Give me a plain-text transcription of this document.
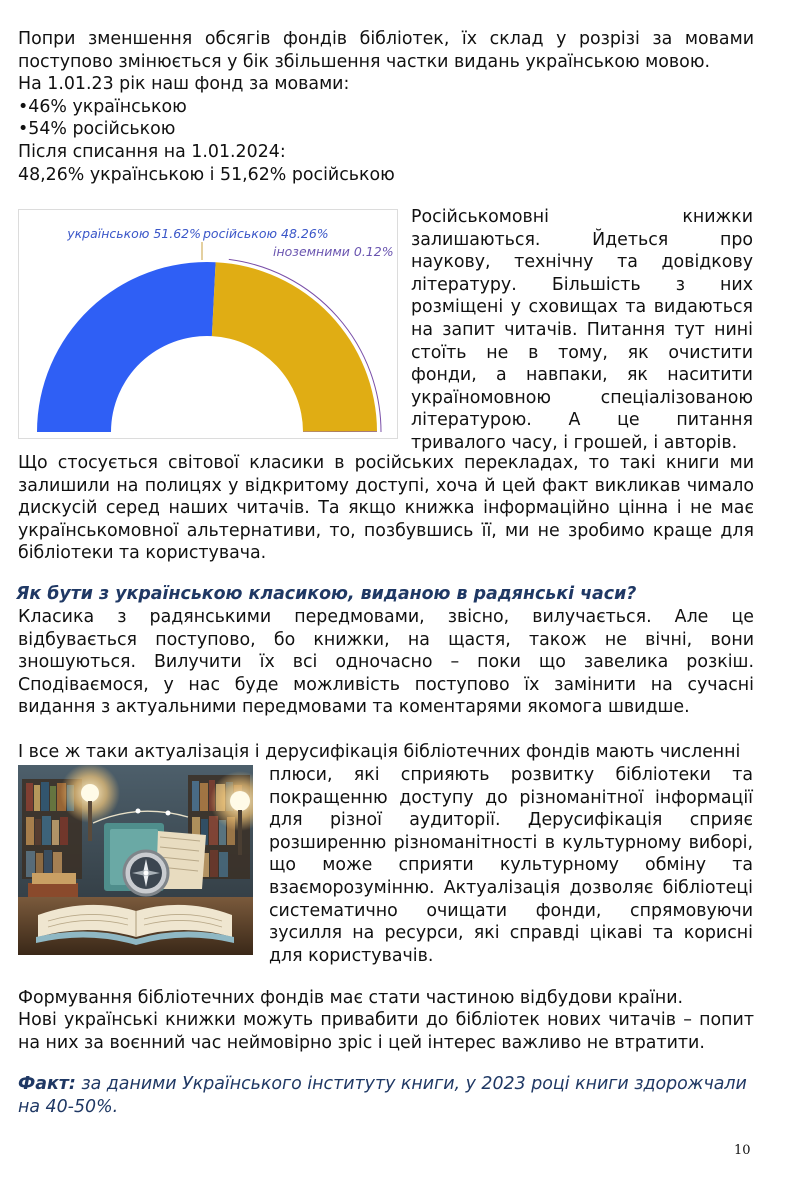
Попри зменшення обсягів фондів бібліотек, їх склад у розрізі за мовами
поступово змінюється у бік збільшення частки видань українською мовою.
На 1.01.23 рік наш фонд за мовами:
•46% українською
•54% російською
Після списання на 1.01.2024:
48,26% українською і 51,62% російською
українською 51.62% російською 48.26%
іноземними 0.12%
Російськомовні книжки
залишаються. Йдеться про
наукову, технічну та довідкову
літературу. Більшість з них
розміщені у сховищах та видаються
на запит читачів. Питання тут нині
стоїть не в тому, як очистити
фонди, а навпаки, як наситити
україномовною спеціалізованою
літературою. А це питання
тривалого часу, і грошей, і авторів.
Що стосується світової класики в російських перекладах, то такі книги ми залишили на полицях у відкритому доступі, хоча й цей факт викликав чимало дискусій серед наших читачів. Та якщо книжка інформаційно цінна і не має українськомовної альтернативи, то, позбувшись її, ми не зробимо краще для бібліотеки та користувача.
Як бути з українською класикою, виданою в радянські часи?
Класика з радянськими передмовами, звісно, вилучається. Але це відбувається поступово, бо книжки, на щастя, також не вічні, вони зношуються. Вилучити їх всі одночасно – поки що завелика розкіш. Сподіваємося, у нас буде можливість поступово їх замінити на сучасні видання з актуальними передмовами та коментарями якомога швидше.
І все ж таки актуалізація і дерусифікація бібліотечних фондів мають численні
плюси, які сприяють розвитку бібліотеки та покращенню доступу до різноманітної інформації для різної аудиторії. Дерусифікація сприяє розширенню різноманітності в культурному виборі, що може сприяти культурному обміну та взаєморозумінню. Актуалізація дозволяє бібліотеці систематично очищати фонди, спрямовуючи зусилля на ресурси, які справді цікаві та корисні для користувачів.
Формування бібліотечних фондів має стати частиною відбудови країни.
Нові українські книжки можуть привабити до бібліотек нових читачів – попит на них за воєнний час неймовірно зріс і цей інтерес важливо не втратити.
Факт: за даними Українського інституту книги, у 2023 році книги здорожчали на 40-50%.
10
